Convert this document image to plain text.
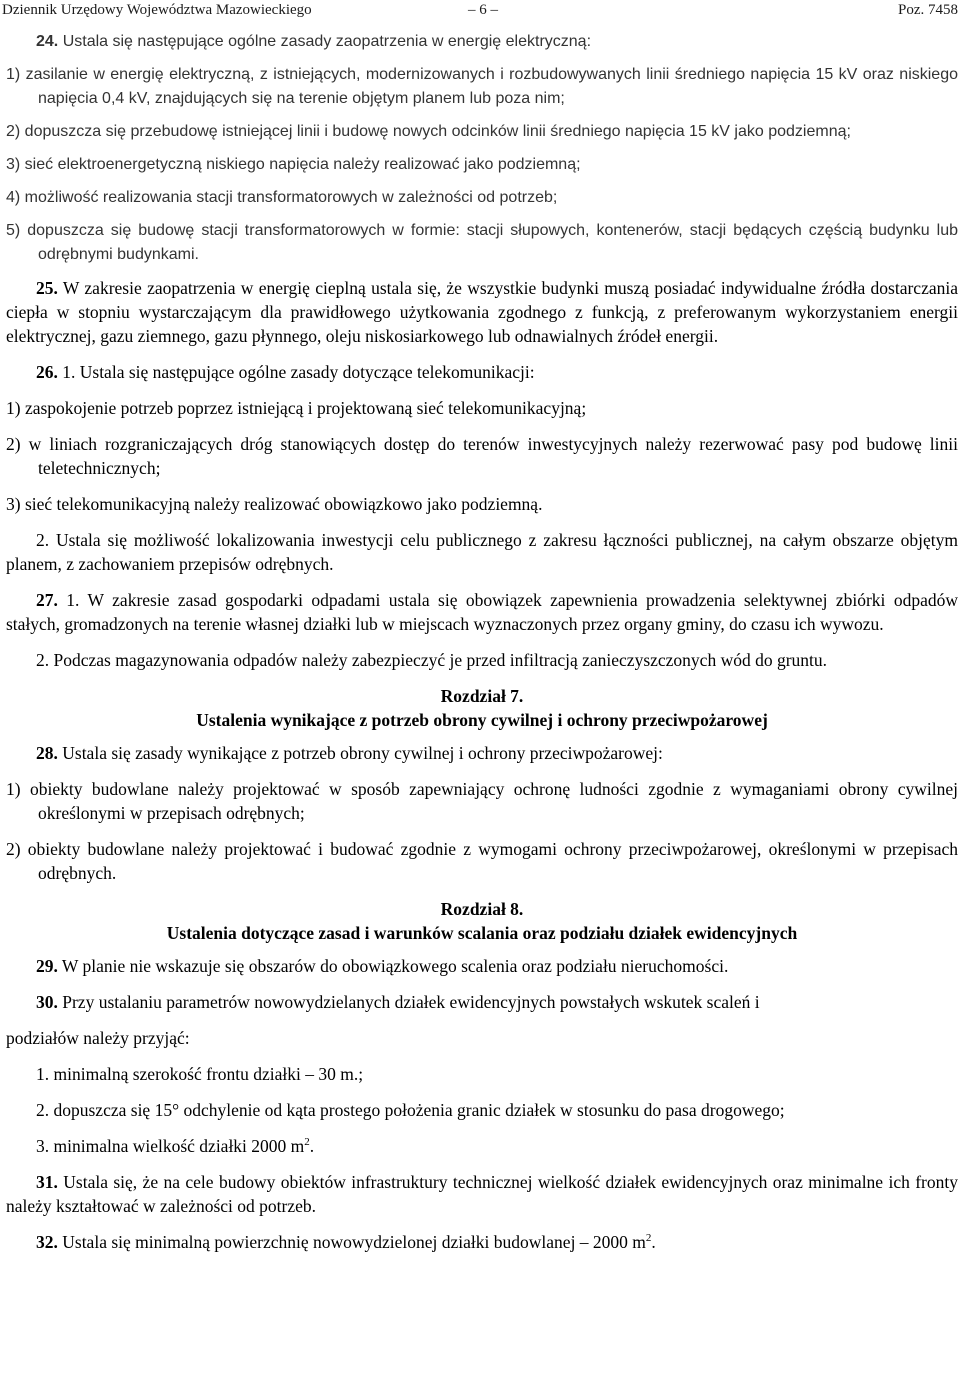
Dziennik Urzędowy Województwa Mazowieckiego	– 6 –	Poz. 7458

24. Ustala się następujące ogólne zasady zaopatrzenia w energię elektryczną:

1) zasilanie w energię elektryczną, z istniejących, modernizowanych i rozbudowywanych linii średniego napięcia 15 kV oraz niskiego napięcia 0,4 kV, znajdujących się na terenie objętym planem lub poza nim;

2) dopuszcza się przebudowę istniejącej linii i budowę nowych odcinków linii średniego napięcia 15 kV jako podziemną;

3) sieć elektroenergetyczną niskiego napięcia należy realizować jako podziemną;

4) możliwość realizowania stacji transformatorowych w zależności od potrzeb;

5) dopuszcza się budowę stacji transformatorowych w formie: stacji słupowych, kontenerów, stacji będących częścią budynku lub odrębnymi budynkami.

25. W zakresie zaopatrzenia w energię cieplną ustala się, że wszystkie budynki muszą posiadać indywidualne źródła dostarczania ciepła w stopniu wystarczającym dla prawidłowego użytkowania zgodnego z funkcją, z preferowanym wykorzystaniem energii elektrycznej, gazu ziemnego, gazu płynnego, oleju niskosiarkowego lub odnawialnych źródeł energii.

26. 1. Ustala się następujące ogólne zasady dotyczące telekomunikacji:

1) zaspokojenie potrzeb poprzez istniejącą i projektowaną sieć telekomunikacyjną;

2) w liniach rozgraniczających dróg stanowiących dostęp do terenów inwestycyjnych należy rezerwować pasy pod budowę linii teletechnicznych;

3) sieć telekomunikacyjną należy realizować obowiązkowo jako podziemną.

2. Ustala się możliwość lokalizowania inwestycji celu publicznego z zakresu łączności publicznej, na całym obszarze objętym planem, z zachowaniem przepisów odrębnych.

27. 1. W zakresie zasad gospodarki odpadami ustala się obowiązek zapewnienia prowadzenia selektywnej zbiórki odpadów stałych, gromadzonych na terenie własnej działki lub w miejscach wyznaczonych przez organy gminy, do czasu ich wywozu.

2. Podczas magazynowania odpadów należy zabezpieczyć je przed infiltracją zanieczyszczonych wód do gruntu.

Rozdział 7.

Ustalenia wynikające z potrzeb obrony cywilnej i ochrony przeciwpożarowej

28. Ustala się zasady wynikające z potrzeb obrony cywilnej i ochrony przeciwpożarowej:

1) obiekty budowlane należy projektować w sposób zapewniający ochronę ludności zgodnie z wymaganiami obrony cywilnej określonymi w przepisach odrębnych;

2) obiekty budowlane należy projektować i budować zgodnie z wymogami ochrony przeciwpożarowej, określonymi w przepisach odrębnych.

Rozdział 8.

Ustalenia dotyczące zasad i warunków scalania oraz podziału działek ewidencyjnych

29. W planie nie wskazuje się obszarów do obowiązkowego scalenia oraz podziału nieruchomości.

30. Przy ustalaniu parametrów nowowydzielanych działek ewidencyjnych powstałych wskutek scaleń i

podziałów należy przyjąć:

1. minimalną szerokość frontu działki – 30 m.;

2. dopuszcza się 15° odchylenie od kąta prostego położenia granic działek w stosunku do pasa drogowego;

3. minimalna wielkość działki 2000 $m^2$.

31. Ustala się, że na cele budowy obiektów infrastruktury technicznej wielkość działek ewidencyjnych oraz minimalne ich fronty należy kształtować w zależności od potrzeb.

32. Ustala się minimalną powierzchnię nowowydzielonej działki budowlanej – 2000 $m^2$.
